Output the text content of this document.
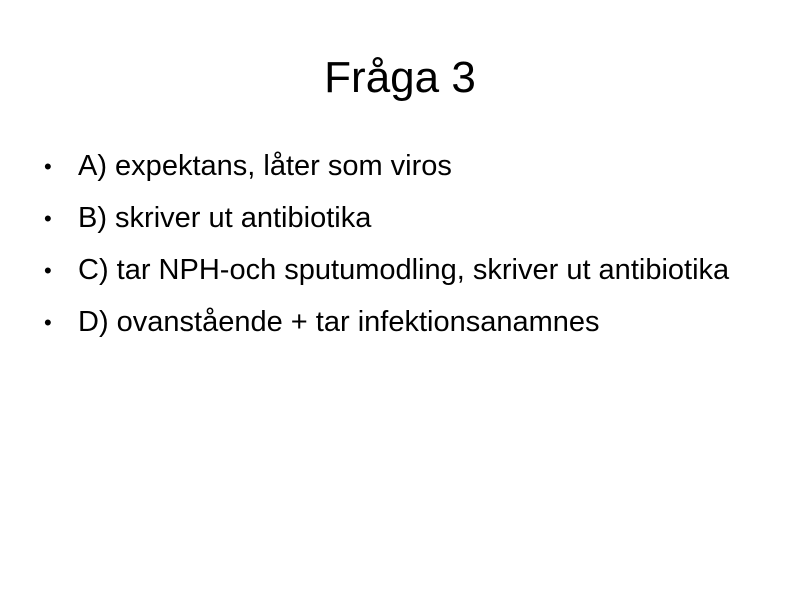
Fråga 3
• A) expektans, låter som viros
• B) skriver ut antibiotika
• C) tar NPH-och sputumodling, skriver ut antibiotika
• D) ovanstående + tar infektionsanamnes
